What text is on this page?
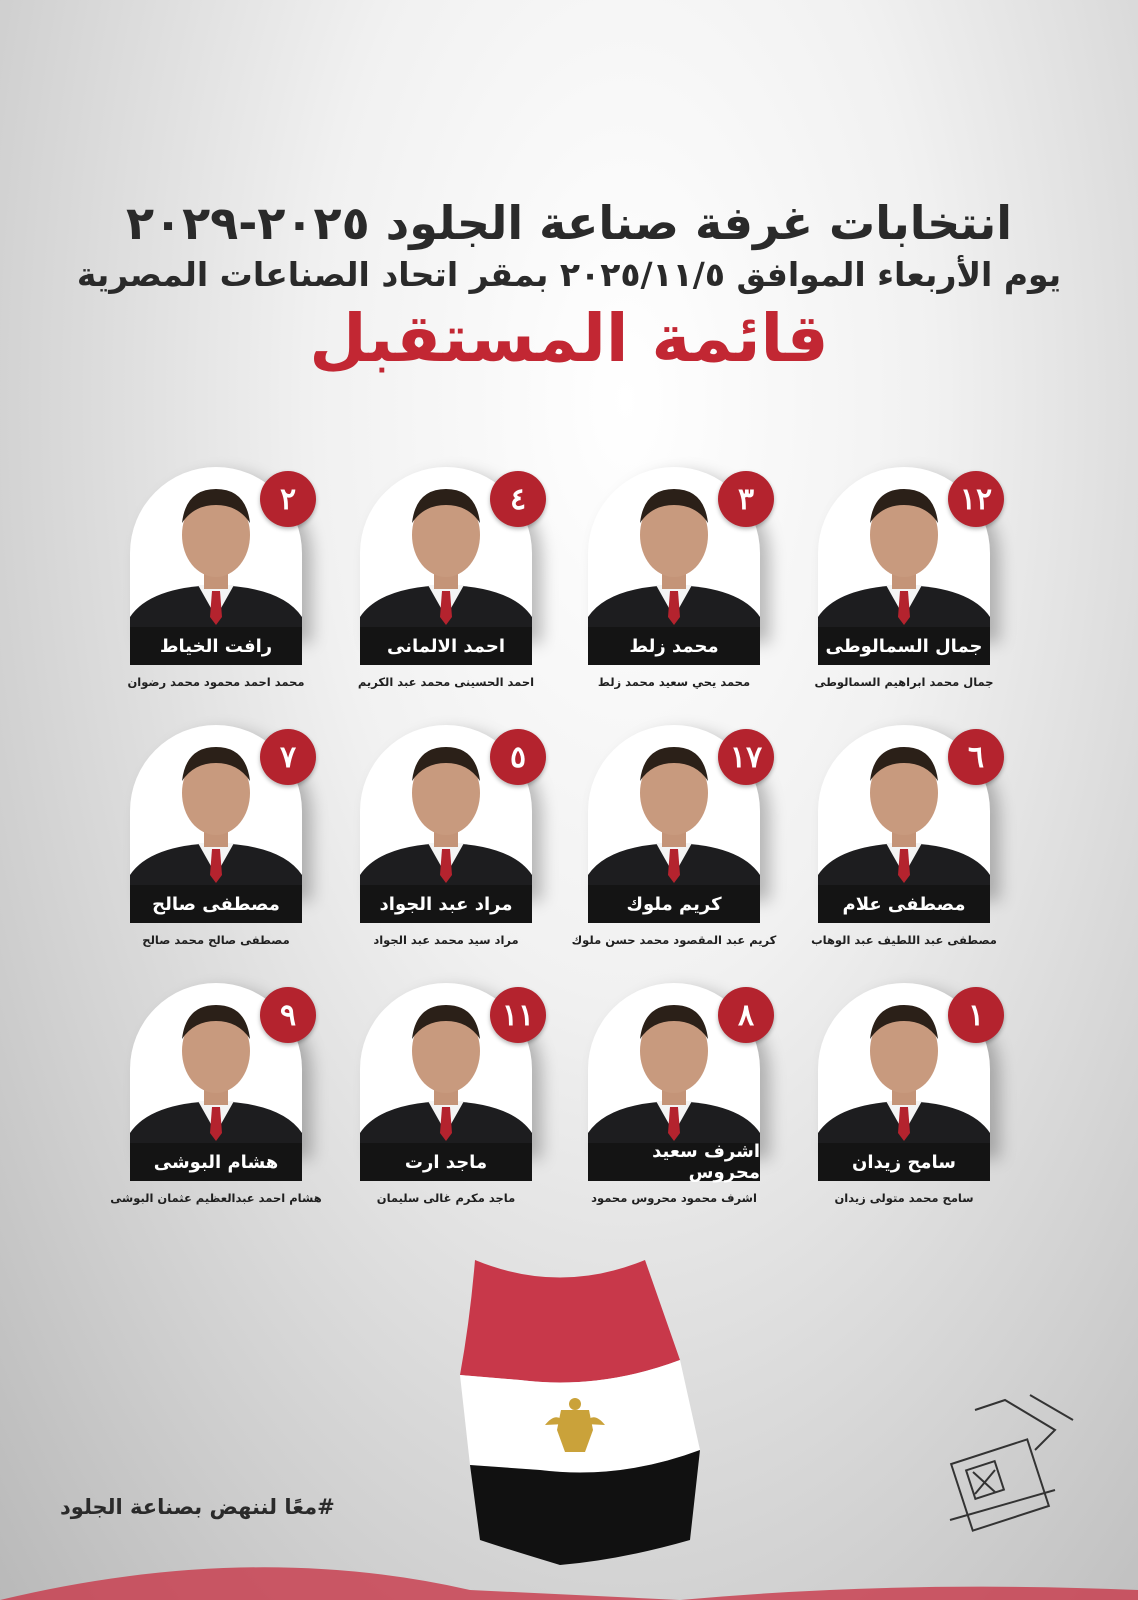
انتخابات غرفة صناعة الجلود ٢٠٢٥-٢٠٢٩
يوم الأربعاء الموافق ٢٠٢٥/١١/٥ بمقر اتحاد الصناعات المصرية
قائمة المستقبل
١٢
جمال السمالوطى
جمال محمد ابراهيم السمالوطى
٣
محمد زلط
محمد يحي سعيد محمد زلط
٤
احمد الالمانى
احمد الحسينى محمد عبد الكريم
٢
رافت الخياط
محمد احمد محمود محمد رضوان
٦
مصطفى علام
مصطفى عبد اللطيف عبد الوهاب
١٧
كريم ملوك
كريم عبد المقصود محمد حسن ملوك
٥
مراد عبد الجواد
مراد سيد محمد عبد الجواد
٧
مصطفى صالح
مصطفى صالح محمد صالح
١
سامح زيدان
سامح محمد متولى زيدان
٨
اشرف سعيد محروس
اشرف محمود محروس محمود
١١
ماجد ارت
ماجد مكرم غالى سليمان
٩
هشام البوشى
هشام احمد عبدالعظيم عثمان البوشى
#معًا لننهض بصناعة الجلود
